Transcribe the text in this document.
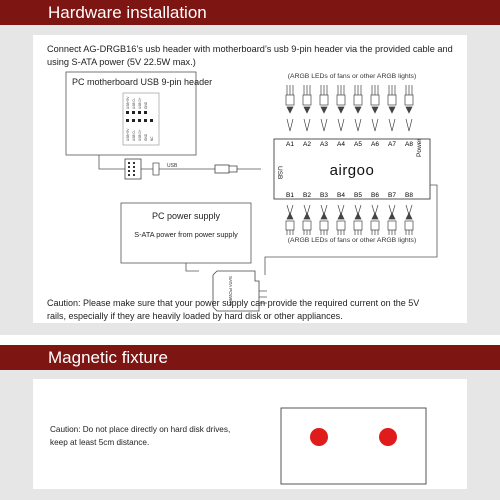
Hardware installation
Connect AG-DRGB16’s usb header with motherboard’s usb 9-pin header via the provided cable and
using S-ATA power (5V 22.5W max.)
PC motherboard USB 9-pin header
USB+5V USB D- USB D+ GND
USB+5V USB D- USB D+ GND NC
USB	USB
Power
airgoo
A1 A2 A3 A4 A5 A6 A7 A8
B1 B2 B3 B4 B5 B6 B7 B8
(ARGB LEDs of fans or other ARGB lights)
(ARGB LEDs of fans or other ARGB lights)
PC power supply
S-ATA power from power supply
SATA POWER
Caution: Please make sure that your power supply can provide the required current on the 5V
rails, especially if they are heavily loaded by hard disk or other appliances.
Magnetic fixture
Caution: Do not place directly on hard disk drives,
keep at least 5cm distance.
